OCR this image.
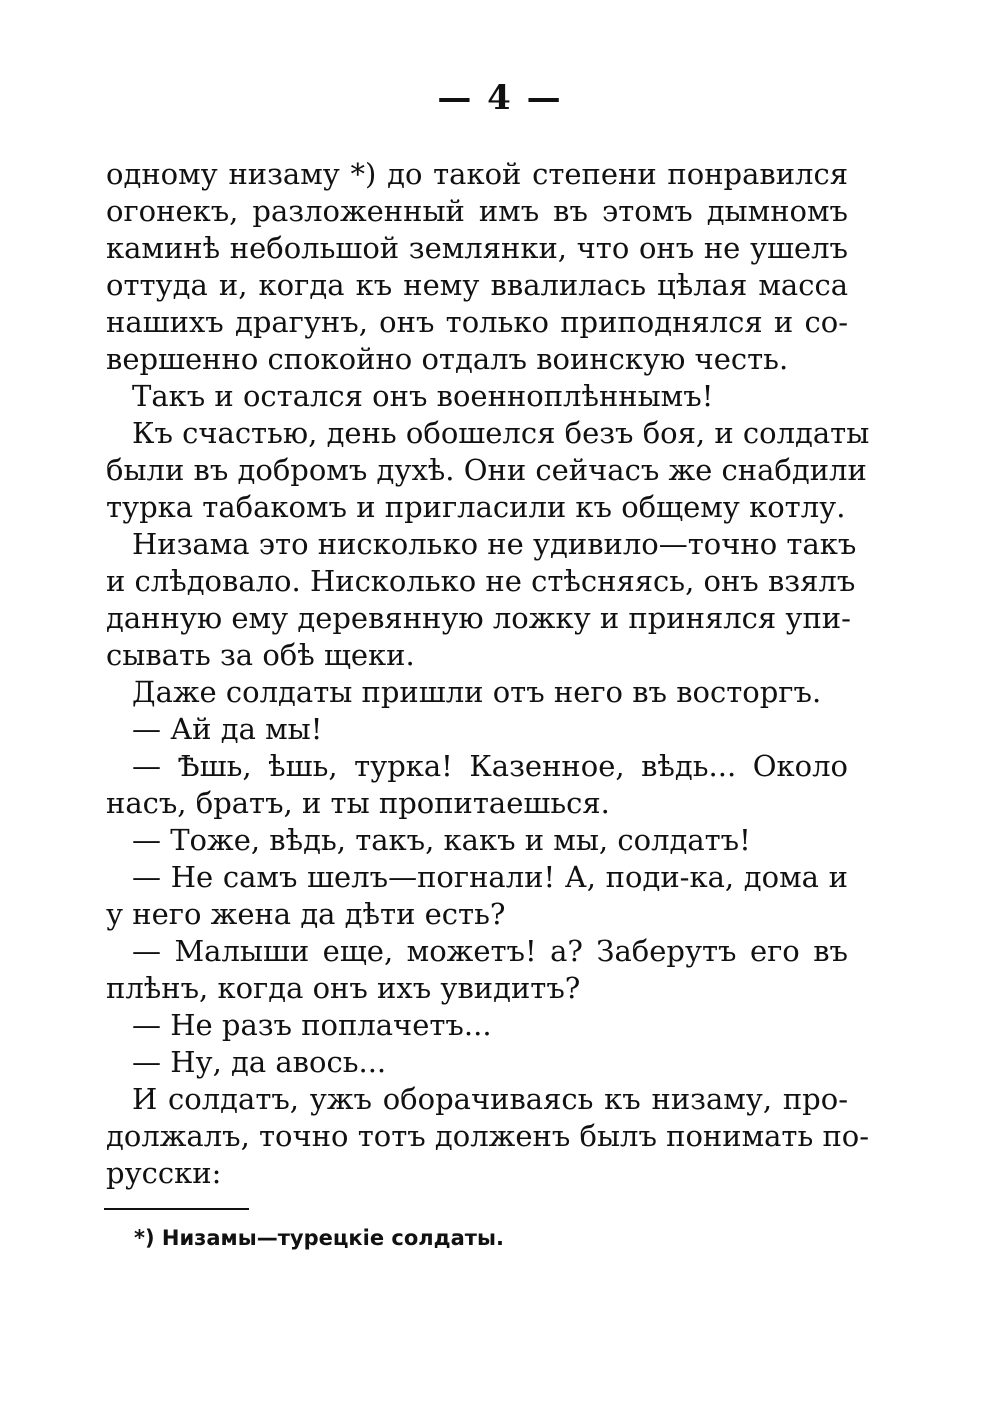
— 4 —
одному низаму *) до такой степени понравился
огонекъ, разложенный имъ въ этомъ дымномъ
каминѣ небольшой землянки, что онъ не ушелъ
оттуда и, когда къ нему ввалилась цѣлая масса
нашихъ драгунъ, онъ только приподнялся и со-
вершенно спокойно отдалъ воинскую честь.
Такъ и остался онъ военноплѣннымъ!
Къ счастью, день обошелся безъ боя, и солдаты
были въ добромъ духѣ. Они сейчасъ же снабдили
турка табакомъ и пригласили къ общему котлу.
Низама это нисколько не удивило—точно такъ
и слѣдовало. Нисколько не стѣсняясь, онъ взялъ
данную ему деревянную ложку и принялся упи-
сывать за обѣ щеки.
Даже солдаты пришли отъ него въ восторгъ.
— Ай да мы!
— Ѣшь, ѣшь, турка! Казенное, вѣдь... Около
насъ, братъ, и ты пропитаешься.
— Тоже, вѣдь, такъ, какъ и мы, солдатъ!
— Не самъ шелъ—погнали! А, поди-ка, дома и
у него жена да дѣти есть?
— Малыши еще, можетъ! а? Заберутъ его въ
плѣнъ, когда онъ ихъ увидитъ?
— Не разъ поплачетъ...
— Ну, да авось...
И солдатъ, ужъ оборачиваясь къ низаму, про-
должалъ, точно тотъ долженъ былъ понимать по-
русски:
*) Низамы—турецкіе солдаты.
